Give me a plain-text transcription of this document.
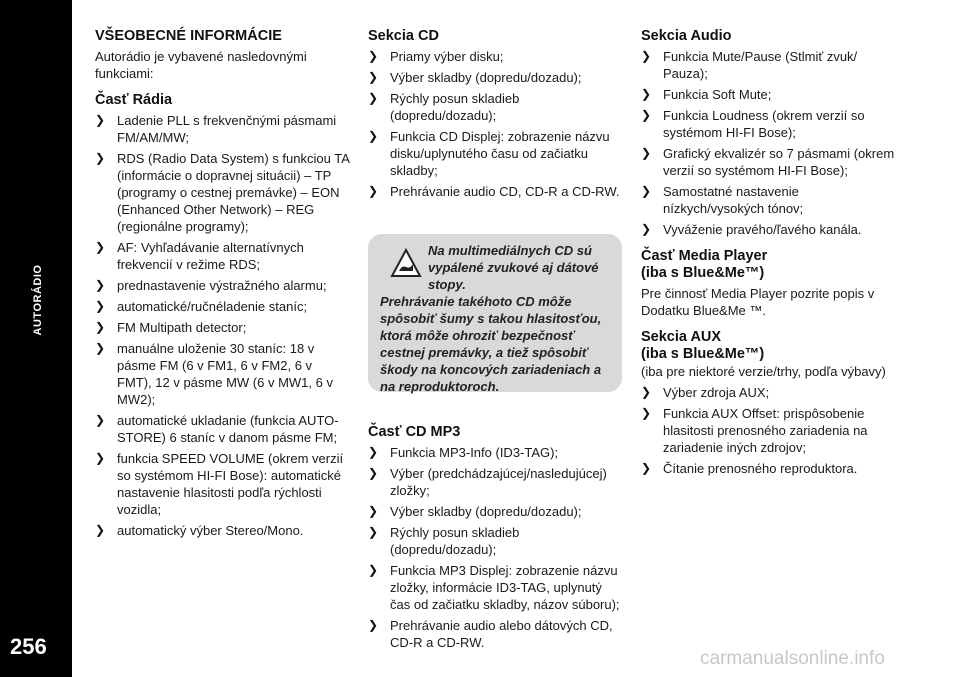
AUTORÁDIO
256
VŠEOBECNÉ INFORMÁCIE

Autorádio je vybavené nasledovnými funkciami:

Časť Rádia
❯ Ladenie PLL s frekvenčnými pásmami FM/AM/MW;
❯ RDS (Radio Data System) s funkciou TA (informácie o dopravnej situácii) – TP (programy o cestnej premávke) – EON (Enhanced Other Network) – REG (regionálne programy);
❯ AF: Vyhľadávanie alternatívnych frekvencií v režime RDS;
❯ prednastavenie výstražného alarmu;
❯ automatické/ručnéladenie staníc;
❯ FM Multipath detector;
❯ manuálne uloženie 30 staníc: 18 v pásme FM (6 v FM1, 6 v FM2, 6 v FMT), 12 v pásme MW (6 v MW1, 6 v MW2);
❯ automatické ukladanie (funkcia AUTO-STORE) 6 staníc v danom pásme FM;
❯ funkcia SPEED VOLUME (okrem verzií so systémom HI-FI Bose): automatické nastavenie hlasitosti podľa rýchlosti vozidla;
❯ automatický výber Stereo/Mono.
Sekcia CD
❯ Priamy výber disku;
❯ Výber skladby (dopredu/dozadu);
❯ Rýchly posun skladieb (dopredu/dozadu);
❯ Funkcia CD Displej: zobrazenie názvu disku/uplynutého času od začiatku skladby;
❯ Prehrávanie audio CD, CD-R a CD-RW.
Na multimediálnych CD sú vypálené zvukové aj dátové stopy.
Prehrávanie takéhoto CD môže spôsobiť šumy s takou hlasitosťou, ktorá môže ohroziť bezpečnosť cestnej premávky, a tiež spôsobiť škody na koncových zariadeniach a na reproduktoroch.
Časť CD MP3
❯ Funkcia MP3-Info (ID3-TAG);
❯ Výber (predchádzajúcej/nasledujúcej) zložky;
❯ Výber skladby (dopredu/dozadu);
❯ Rýchly posun skladieb (dopredu/dozadu);
❯ Funkcia MP3 Displej: zobrazenie názvu zložky, informácie ID3-TAG, uplynutý čas od začiatku skladby, názov súboru);
❯ Prehrávanie audio alebo dátových CD, CD-R a CD-RW.
Sekcia Audio
❯ Funkcia Mute/Pause (Stlmiť zvuk/ Pauza);
❯ Funkcia Soft Mute;
❯ Funkcia Loudness (okrem verzií so systémom HI-FI Bose);
❯ Grafický ekvalizér so 7 pásmami (okrem verzií so systémom HI-FI Bose);
❯ Samostatné nastavenie nízkych/vysokých tónov;
❯ Vyváženie pravého/ľavého kanála.
Časť Media Player
(iba s Blue&Me™)

Pre činnosť Media Player pozrite popis v Dodatku Blue&Me ™.

Sekcia AUX
(iba s Blue&Me™)

(iba pre niektoré verzie/trhy, podľa výbavy)

❯ Výber zdroja AUX;
❯ Funkcia AUX Offset: prispôsobenie hlasitosti prenosného zariadenia na zariadenie iných zdrojov;
❯ Čítanie prenosného reproduktora.
carmanualsonline.info
